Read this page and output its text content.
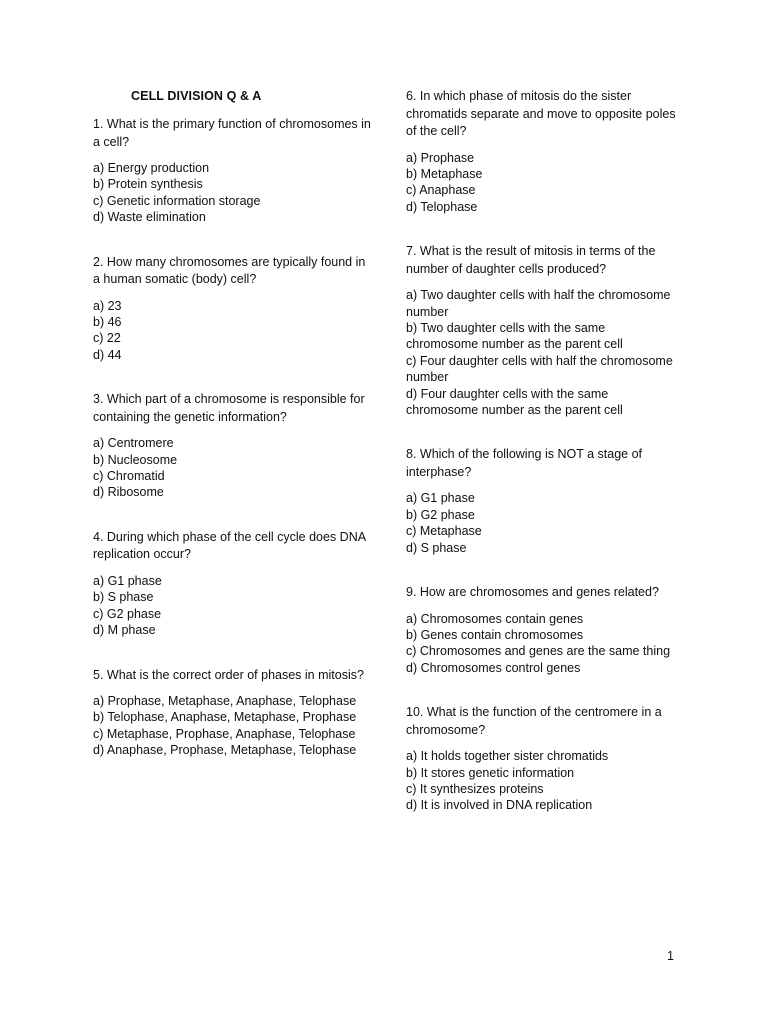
CELL DIVISION Q & A

1. What is the primary function of chromosomes in a cell?

a) Energy production
b) Protein synthesis
c) Genetic information storage
d) Waste elimination

2. How many chromosomes are typically found in a human somatic (body) cell?

a) 23
b) 46
c) 22
d) 44

3. Which part of a chromosome is responsible for containing the genetic information?

a) Centromere
b) Nucleosome
c) Chromatid
d) Ribosome

4. During which phase of the cell cycle does DNA replication occur?

a) G1 phase
b) S phase
c) G2 phase
d) M phase

5. What is the correct order of phases in mitosis?

a) Prophase, Metaphase, Anaphase, Telophase
b) Telophase, Anaphase, Metaphase, Prophase
c) Metaphase, Prophase, Anaphase, Telophase
d) Anaphase, Prophase, Metaphase, Telophase

6. In which phase of mitosis do the sister chromatids separate and move to opposite poles of the cell?

a) Prophase
b) Metaphase
c) Anaphase
d) Telophase

7. What is the result of mitosis in terms of the number of daughter cells produced?

a) Two daughter cells with half the chromosome number
b) Two daughter cells with the same chromosome number as the parent cell
c) Four daughter cells with half the chromosome number
d) Four daughter cells with the same chromosome number as the parent cell

8. Which of the following is NOT a stage of interphase?

a) G1 phase
b) G2 phase
c) Metaphase
d) S phase

9. How are chromosomes and genes related?

a) Chromosomes contain genes
b) Genes contain chromosomes
c) Chromosomes and genes are the same thing
d) Chromosomes control genes

10. What is the function of the centromere in a chromosome?

a) It holds together sister chromatids
b) It stores genetic information
c) It synthesizes proteins
d) It is involved in DNA replication
1
